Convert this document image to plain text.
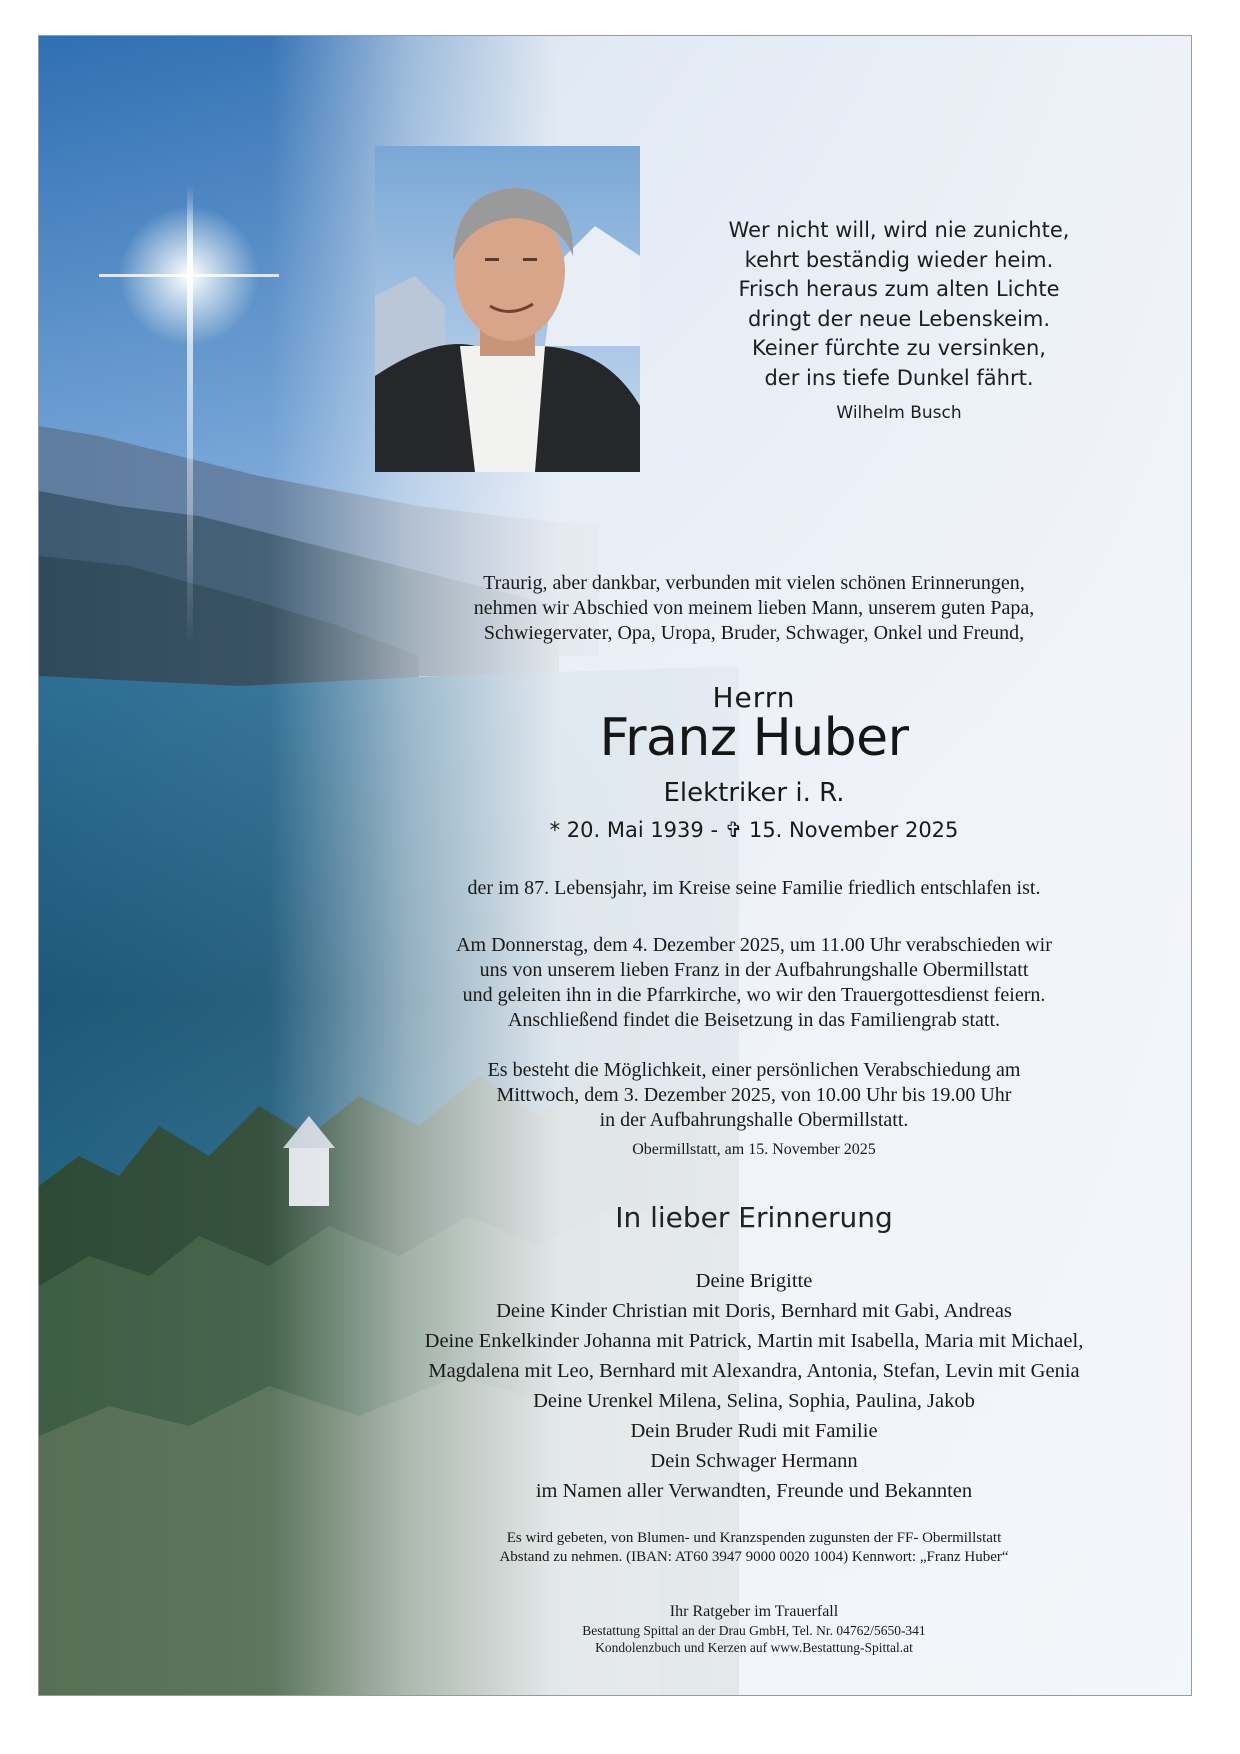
Wer nicht will, wird nie zunichte,
kehrt beständig wieder heim.
Frisch heraus zum alten Lichte
dringt der neue Lebenskeim.
Keiner fürchte zu versinken,
der ins tiefe Dunkel fährt.
Wilhelm Busch
Traurig, aber dankbar, verbunden mit vielen schönen Erinnerungen,
nehmen wir Abschied von meinem lieben Mann, unserem guten Papa,
Schwiegervater, Opa, Uropa, Bruder, Schwager, Onkel und Freund,
Herrn
Franz Huber
Elektriker i. R.
* 20. Mai 1939 - ✞ 15. November 2025
der im 87. Lebensjahr, im Kreise seine Familie friedlich entschlafen ist.
Am Donnerstag, dem 4. Dezember 2025, um 11.00 Uhr verabschieden wir
uns von unserem lieben Franz in der Aufbahrungshalle Obermillstatt
und geleiten ihn in die Pfarrkirche, wo wir den Trauergottesdienst feiern.
Anschließend findet die Beisetzung in das Familiengrab statt.
Es besteht die Möglichkeit, einer persönlichen Verabschiedung am
Mittwoch, dem 3. Dezember 2025, von 10.00 Uhr bis 19.00 Uhr
in der Aufbahrungshalle Obermillstatt.
Obermillstatt, am 15. November 2025
In lieber Erinnerung
Deine Brigitte
Deine Kinder Christian mit Doris, Bernhard mit Gabi, Andreas
Deine Enkelkinder Johanna mit Patrick, Martin mit Isabella, Maria mit Michael,
Magdalena mit Leo, Bernhard mit Alexandra, Antonia, Stefan, Levin mit Genia
Deine Urenkel Milena, Selina, Sophia, Paulina, Jakob
Dein Bruder Rudi mit Familie
Dein Schwager Hermann
im Namen aller Verwandten, Freunde und Bekannten
Es wird gebeten, von Blumen- und Kranzspenden zugunsten der FF- Obermillstatt
Abstand zu nehmen. (IBAN: AT60 3947 9000 0020 1004) Kennwort: „Franz Huber“
Ihr Ratgeber im Trauerfall
Bestattung Spittal an der Drau GmbH, Tel. Nr. 04762/5650-341
Kondolenzbuch und Kerzen auf www.Bestattung-Spittal.at
